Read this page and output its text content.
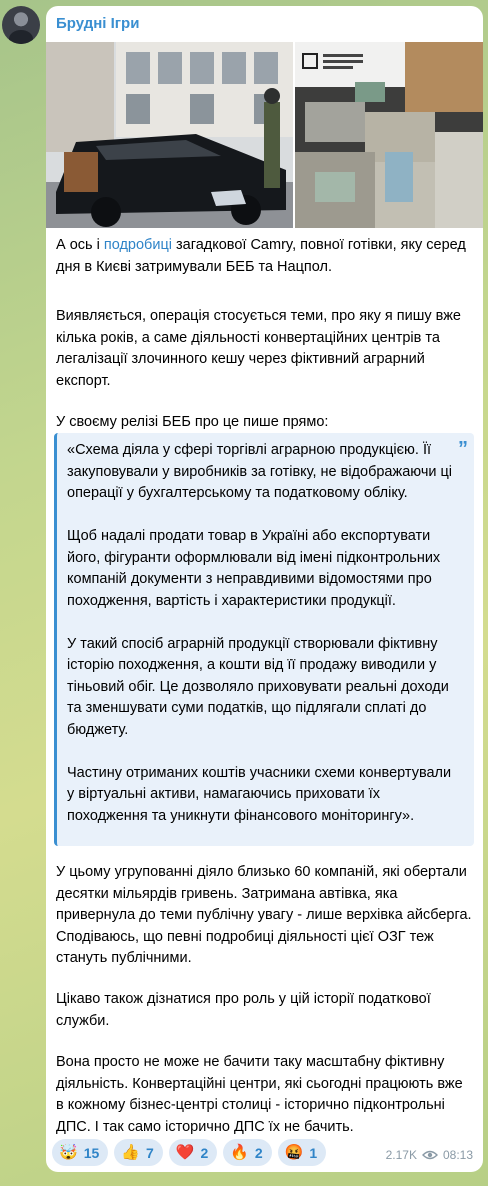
Брудні Ігри
А ось і подробиці загадкової Camry, повної готівки, яку серед дня в Києві затримували БЕБ та Нацпол.
Виявляється, операція стосується теми, про яку я пишу вже кілька років, а саме діяльності конвертаційних центрів та легалізації злочинного кешу через фіктивний аграрний експорт.
У своєму релізі БЕБ про це пише прямо:
«Схема діяла у сфері торгівлі аграрною продукцією. Її закуповували у виробників за готівку, не відображаючи ці операції у бухгалтерському та податковому обліку.
Щоб надалі продати товар в Україні або експортувати його, фігуранти оформлювали від імені підконтрольних компаній документи з неправдивими відомостями про походження, вартість і характеристики продукції.
У такий спосіб аграрній продукції створювали фіктивну історію походження, а кошти від її продажу виводили у тіньовий обіг. Це дозволяло приховувати реальні доходи та зменшувати суми податків, що підлягали сплаті до бюджету.
Частину отриманих коштів учасники схеми конвертували у віртуальні активи, намагаючись приховати їх походження та уникнути фінансового моніторингу».
”
У цьому угрупованні діяло близько 60 компаній, які обертали десятки мільярдів гривень. Затримана автівка, яка привернула до теми публічну увагу - лише верхівка айсберга. Сподіваюсь, що певні подробиці діяльності цієї ОЗГ теж стануть публічними.
Цікаво також дізнатися про роль у цій історії податкової служби.
Вона просто не може не бачити таку масштабну фіктивну діяльність. Конвертаційні центри, які сьогодні працюють вже в кожному бізнес-центрі столиці - історично підконтрольні ДПС. І так само історично ДПС їх не бачить.
🤯 15 👍 7 ❤️ 2 🔥 2 🤬 1	2.17K 08:13
